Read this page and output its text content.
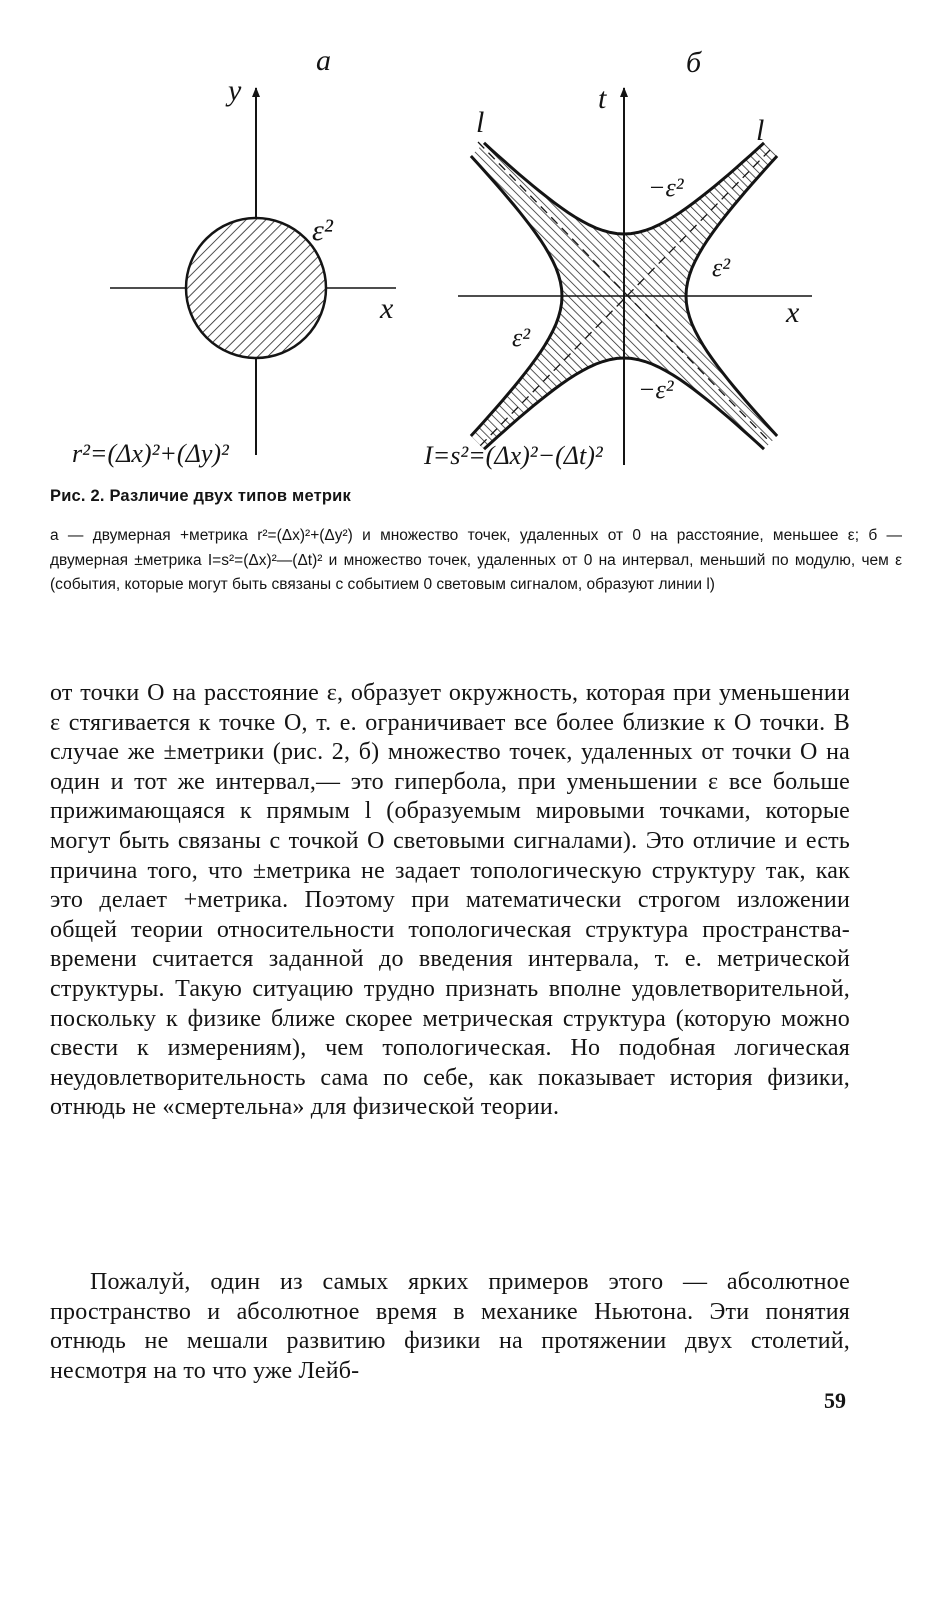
a
y
x
ε²
r²=(Δx)²+(Δy)²
б
t
x
l	l
−ε²
ε²
ε²
−ε²
I=s²=(Δx)²−(Δt)²
Рис. 2. Различие двух типов метрик
а — двумерная +метрика r²=(Δx)²+(Δy²) и множество точек, удаленных от 0 на расстояние, меньшее ε; б — двумерная ±метрика I=s²=(Δx)²—(Δt)² и множество точек, удаленных от 0 на интервал, меньший по модулю, чем ε (события, которые могут быть связаны с событием 0 световым сигналом, образуют линии l)

от точки O на расстояние ε, образует окружность, которая при уменьшении ε стягивается к точке O, т. е. ограничивает все более близкие к O точки. В случае же ±метрики (рис. 2, б) множество точек, удаленных от точки O на один и тот же интервал,— это гипербола, при уменьшении ε все больше прижимающаяся к прямым l (образуемым мировыми точками, которые могут быть связаны с точкой O световыми сигналами). Это отличие и есть причина того, что ±метрика не задает топологическую структуру так, как это делает +метрика. Поэтому при математически строгом изложении общей теории относительности топологическая структура пространства-времени считается заданной до введения интервала, т. е. метрической структуры. Такую ситуацию трудно признать вполне удовлетворительной, поскольку к физике ближе скорее метрическая структура (которую можно свести к измерениям), чем топологическая. Но подобная логическая неудовлетворительность сама по себе, как показывает история физики, отнюдь не «смертельна» для физической теории.

Пожалуй, один из самых ярких примеров этого — абсолютное пространство и абсолютное время в механике Ньютона. Эти понятия отнюдь не мешали развитию физики на протяжении двух столетий, несмотря на то что уже Лейб-

59
